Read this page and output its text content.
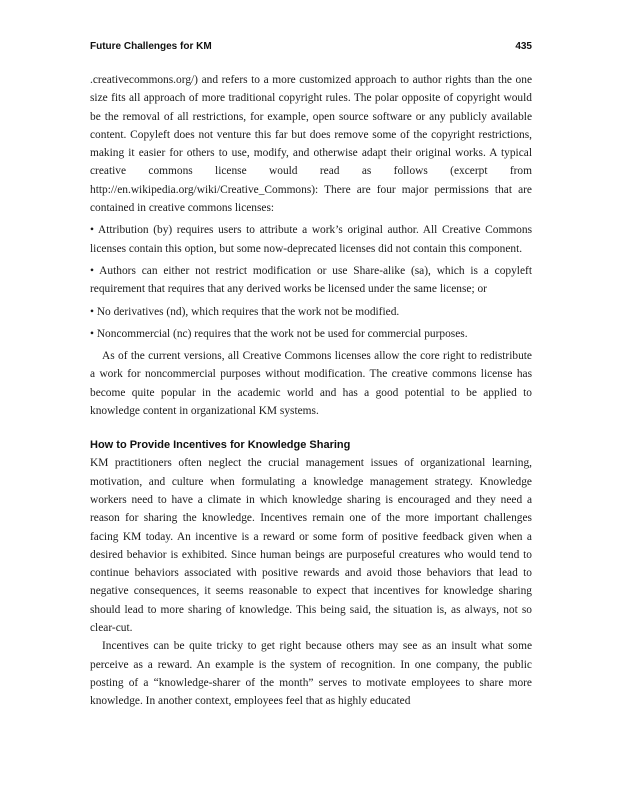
Future Challenges for KM	435

.creativecommons.org/) and refers to a more customized approach to author rights than the one size fits all approach of more traditional copyright rules. The polar opposite of copyright would be the removal of all restrictions, for example, open source software or any publicly available content. Copyleft does not venture this far but does remove some of the copyright restrictions, making it easier for others to use, modify, and otherwise adapt their original works. A typical creative commons license would read as follows (excerpt from http://en.wikipedia.org/wiki/Creative_Commons): There are four major permissions that are contained in creative commons licenses:

• Attribution (by) requires users to attribute a work’s original author. All Creative Commons licenses contain this option, but some now-deprecated licenses did not contain this component.

• Authors can either not restrict modification or use Share-alike (sa), which is a copyleft requirement that requires that any derived works be licensed under the same license; or

• No derivatives (nd), which requires that the work not be modified.

• Noncommercial (nc) requires that the work not be used for commercial purposes.

As of the current versions, all Creative Commons licenses allow the core right to redistribute a work for noncommercial purposes without modification. The creative commons license has become quite popular in the academic world and has a good potential to be applied to knowledge content in organizational KM systems.

How to Provide Incentives for Knowledge Sharing

KM practitioners often neglect the crucial management issues of organizational learning, motivation, and culture when formulating a knowledge management strategy. Knowledge workers need to have a climate in which knowledge sharing is encouraged and they need a reason for sharing the knowledge. Incentives remain one of the more important challenges facing KM today. An incentive is a reward or some form of positive feedback given when a desired behavior is exhibited. Since human beings are purposeful creatures who would tend to continue behaviors associated with positive rewards and avoid those behaviors that lead to negative consequences, it seems reasonable to expect that incentives for knowledge sharing should lead to more sharing of knowledge. This being said, the situation is, as always, not so clear-cut.

Incentives can be quite tricky to get right because others may see as an insult what some perceive as a reward. An example is the system of recognition. In one company, the public posting of a “knowledge-sharer of the month” serves to motivate employees to share more knowledge. In another context, employees feel that as highly educated
